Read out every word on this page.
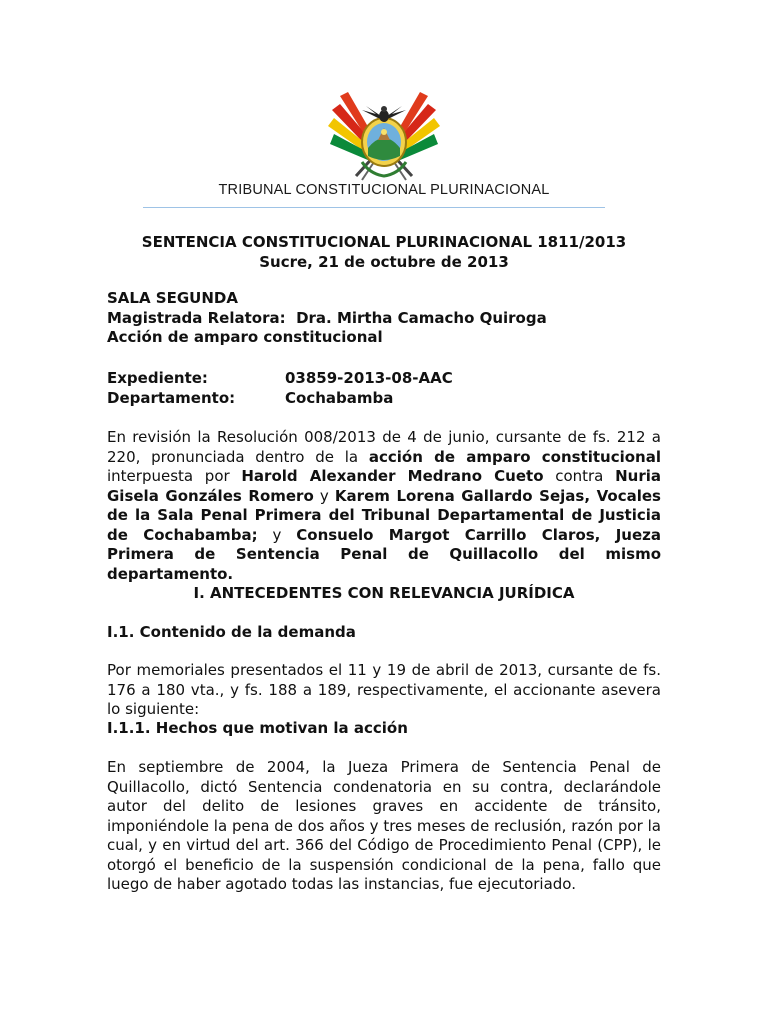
TRIBUNAL CONSTITUCIONAL PLURINACIONAL

SENTENCIA CONSTITUCIONAL PLURINACIONAL 1811/2013

Sucre, 21 de octubre de 2013

SALA SEGUNDA

Magistrada Relatora: Dra. Mirtha Camacho Quiroga

Acción de amparo constitucional

Expediente:	03859-2013-08-AAC
Departamento:	Cochabamba

En revisión la Resolución 008/2013 de 4 de junio, cursante de fs. 212 a 220, pronunciada dentro de la acción de amparo constitucional interpuesta por Harold Alexander Medrano Cueto contra Nuria Gisela Gonzáles Romero y Karem Lorena Gallardo Sejas, Vocales de la Sala Penal Primera del Tribunal Departamental de Justicia de Cochabamba; y Consuelo Margot Carrillo Claros, Jueza Primera de Sentencia Penal de Quillacollo del mismo departamento.

I. ANTECEDENTES CON RELEVANCIA JURÍDICA
I.1. Contenido de la demanda
Por memoriales presentados el 11 y 19 de abril de 2013, cursante de fs. 176 a 180 vta., y fs. 188 a 189, respectivamente, el accionante asevera lo siguiente:
I.1.1. Hechos que motivan la acción
En septiembre de 2004, la Jueza Primera de Sentencia Penal de Quillacollo, dictó Sentencia condenatoria en su contra, declarándole autor del delito de lesiones graves en accidente de tránsito, imponiéndole la pena de dos años y tres meses de reclusión, razón por la cual, y en virtud del art. 366 del Código de Procedimiento Penal (CPP), le otorgó el beneficio de la suspensión condicional de la pena, fallo que luego de haber agotado todas las instancias, fue ejecutoriado.
